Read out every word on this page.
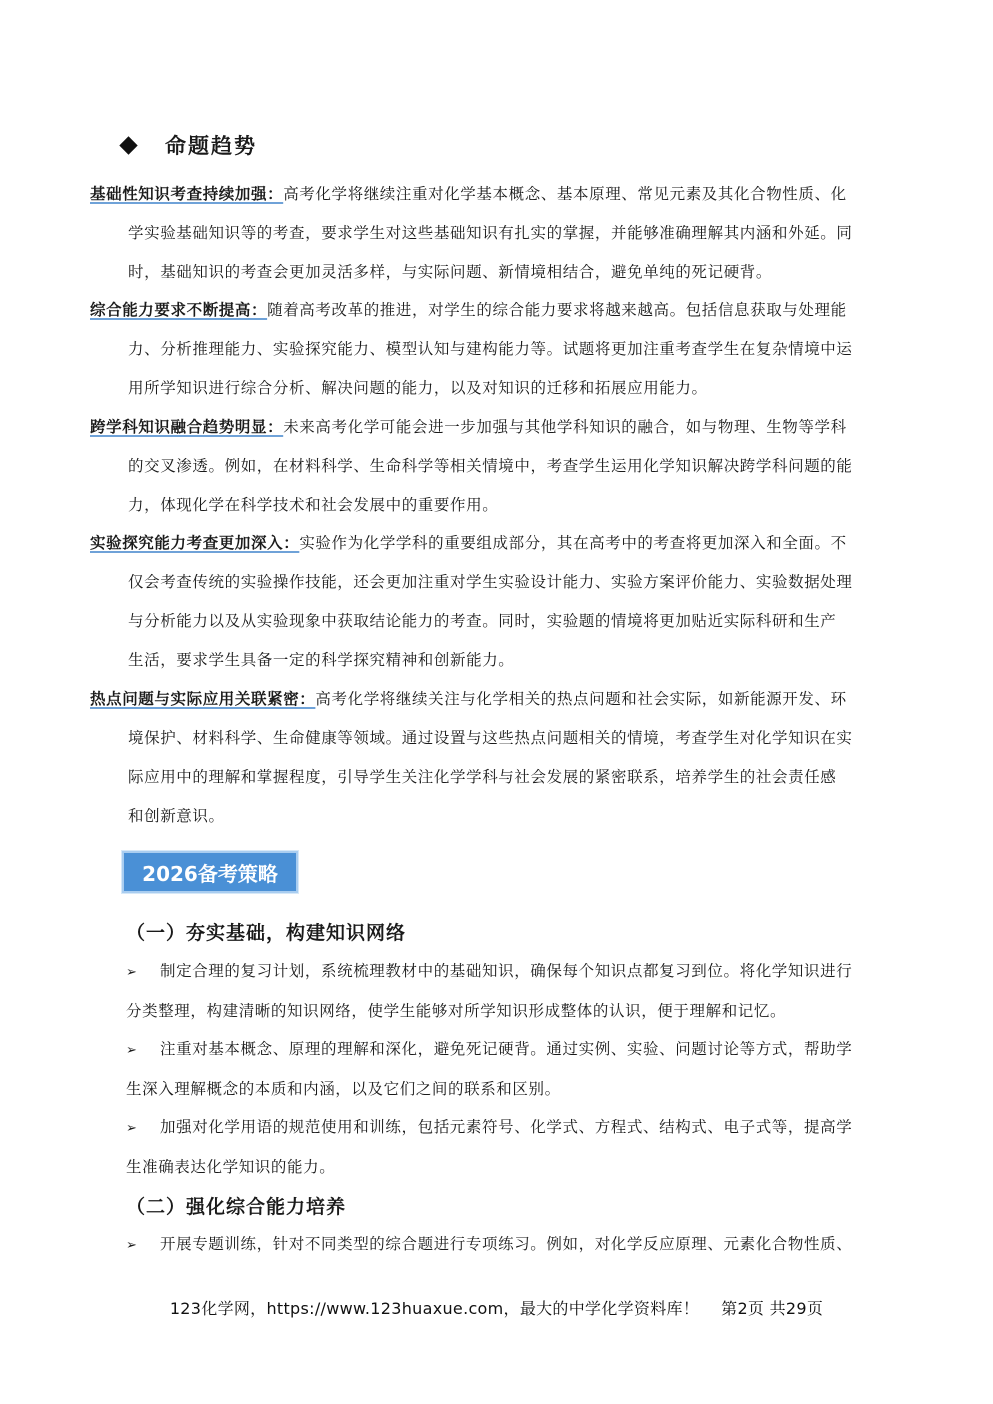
命题趋势
基础性知识考查持续加强：高考化学将继续注重对化学基本概念、基本原理、常见元素及其化合物性质、化
学实验基础知识等的考查，要求学生对这些基础知识有扎实的掌握，并能够准确理解其内涵和外延。同
时，基础知识的考查会更加灵活多样，与实际问题、新情境相结合，避免单纯的死记硬背。
综合能力要求不断提高：随着高考改革的推进，对学生的综合能力要求将越来越高。包括信息获取与处理能
力、分析推理能力、实验探究能力、模型认知与建构能力等。试题将更加注重考查学生在复杂情境中运
用所学知识进行综合分析、解决问题的能力，以及对知识的迁移和拓展应用能力。
跨学科知识融合趋势明显：未来高考化学可能会进一步加强与其他学科知识的融合，如与物理、生物等学科
的交叉渗透。例如，在材料科学、生命科学等相关情境中，考查学生运用化学知识解决跨学科问题的能
力，体现化学在科学技术和社会发展中的重要作用。
实验探究能力考查更加深入：实验作为化学学科的重要组成部分，其在高考中的考查将更加深入和全面。不
仅会考查传统的实验操作技能，还会更加注重对学生实验设计能力、实验方案评价能力、实验数据处理
与分析能力以及从实验现象中获取结论能力的考查。同时，实验题的情境将更加贴近实际科研和生产
生活，要求学生具备一定的科学探究精神和创新能力。
热点问题与实际应用关联紧密：高考化学将继续关注与化学相关的热点问题和社会实际，如新能源开发、环
境保护、材料科学、生命健康等领域。通过设置与这些热点问题相关的情境，考查学生对化学知识在实
际应用中的理解和掌握程度，引导学生关注化学学科与社会发展的紧密联系，培养学生的社会责任感
和创新意识。
2026备考策略
（一）夯实基础，构建知识网络
➢ 制定合理的复习计划，系统梳理教材中的基础知识，确保每个知识点都复习到位。将化学知识进行
分类整理，构建清晰的知识网络，使学生能够对所学知识形成整体的认识，便于理解和记忆。
➢ 注重对基本概念、原理的理解和深化，避免死记硬背。通过实例、实验、问题讨论等方式，帮助学
生深入理解概念的本质和内涵，以及它们之间的联系和区别。
➢ 加强对化学用语的规范使用和训练，包括元素符号、化学式、方程式、结构式、电子式等，提高学
生准确表达化学知识的能力。
（二）强化综合能力培养
➢ 开展专题训练，针对不同类型的综合题进行专项练习。例如，对化学反应原理、元素化合物性质、
123化学网，https://www.123huaxue.com，最大的中学化学资料库！ 第2页 共29页
